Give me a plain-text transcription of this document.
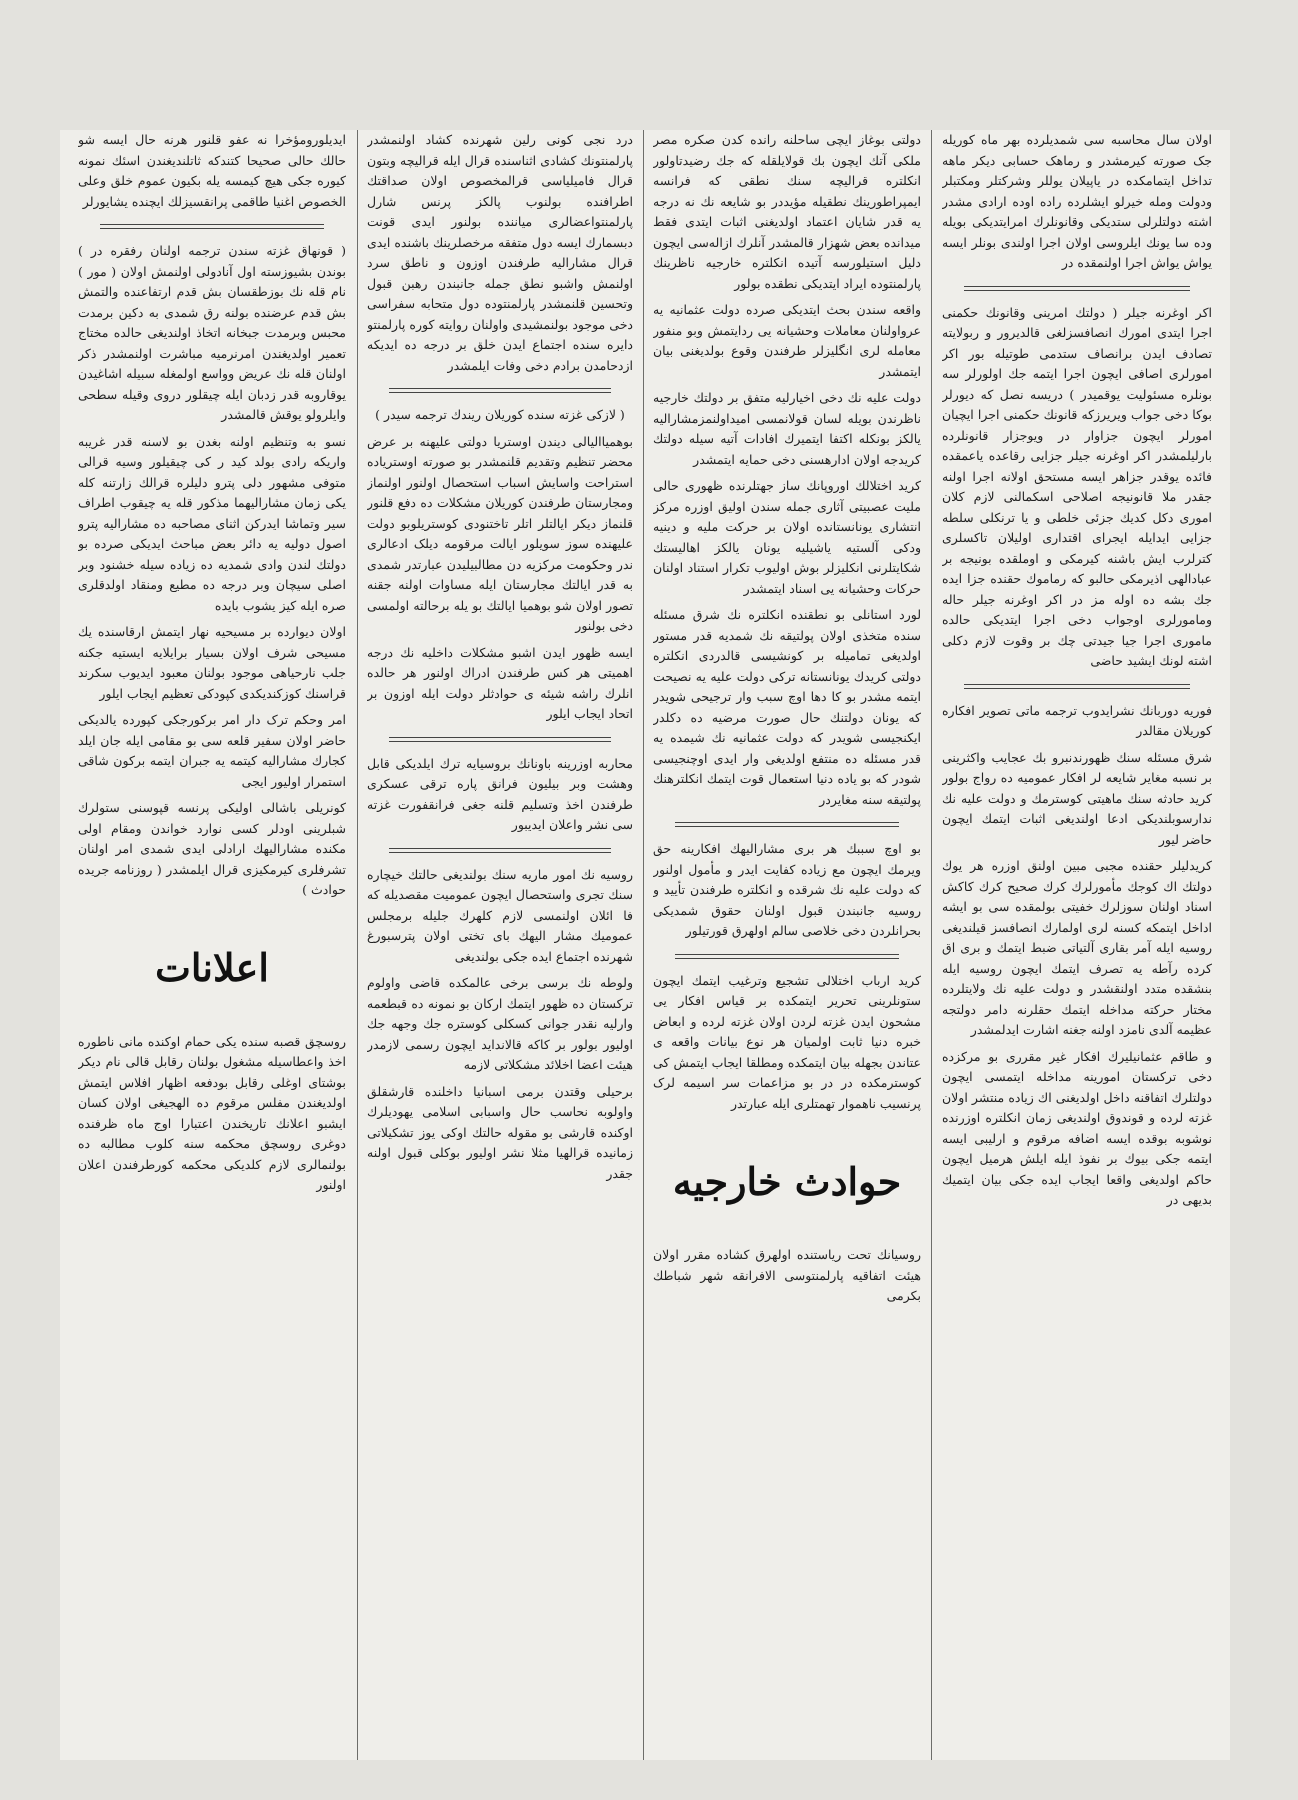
اولان سال محاسبه سی شمدیلرده بهر ماه کوریله جک صورته کیرمشدر و رماهک حسابی دیکر ماهه تداخل ایتمامکده در یاپیلان یوللر وشرکتلر ومکتبلر ودولت ومله خیرلو ایشلرده راده اوده ارادی مشدر اشته دولتلرلی ستدیکی وقانونلرك امرایتدیکی بویله وده سا یونك ایلروسی اولان اجرا اولندی بونلر ایسه یواش یواش اجرا اولنمقده در

اکر اوغرنه جیلر ( دولتك امرینی وقانونك حکمنی اجرا ایتدی امورك انصافسزلغی قالدیرور و ربولایته تصادف ایدن برانصاف ستدمی طوتیله بور اکر امورلری اصافی ایچون اجرا ایتمه جك اولورلر سه بونلره مسئولیت یوقمیدر ) دریسه نصل که دیورلر بوکا دخی جواب ویریرزکه قانونك حکمنی اجرا ایچیان امورلر ایچون جزاوار در ویوجزار قانونلرده بارلیلمشدر اکر اوغرنه جیلر جزایی رقاعده یاعمقده فائده یوقدر جزاهر ایسه مستحق اولانه اجرا اولنه جقدر ملا قانونیجه اصلاحی اسکمالنی لازم کلان اموری دکل کدیك جزئی خلطی و یا ترنکلی سلطه جزایی ایدایله ایجرای اقتداری اولیلان تاکسلری کترلرب ایش باشنه کیرمکی و اوملقده بونیجه بر عبادالهی اذیرمکی حالبو که رماموك حقنده جزا ایده جك بشه ده اوله مز در اکر اوغرنه جیلر حاله ومامورلری اوجواب دخی اجرا ایتدیکی حالده ماموری اجرا جیا جیدتی چك بر وقوت لازم دکلی اشته لونك ایشید حاضی

فوریه دوربانك نشرایدوب ترجمه ماتی تصویر افکاره کوریلان مقالدر

شرق مسئله سنك ظهورندنبرو بك عجایب واکثرینی بر نسبه مغایر شایعه لر افکار عمومیه ده رواج بولور کرید حادثه سنك ماهیتی کوسترمك و دولت علیه نك ندارسوبلندیکی ادعا اولندیغی اثبات ایتمك ایچون حاضر لیور

کریدلیلر حقنده مجبی مبین اولنق اوزره هر یوك دولتك اك کوجك مأمورلرك کرك صحیح کرك کاکش اسناد اولنان سوزلرك خفیتی بولمقده سی بو ایشه اداخل ایتمکه کسنه لری اولمارك انصافسز قیلندیغی روسیه ایله آمر بقاری آلتیاتی ضبط ایتمك و بری اق کرده رآطه یه تصرف ایتمك ایچون روسیه ایله بنشقده متدد اولنقشدر و دولت علیه نك ولایتلرده مختار حرکته مداخله ایتمك حقلرنه دامر دولتجه عظیمه آلدی نامزد اولنه جغنه اشارت ایدلمشدر

و طاقم عثمانیلیرك افکار غیر مقرری بو مرکزده دخی ترکستان امورینه مداخله ایتمسی ایچون دولتلرك اتفاقنه داخل اولدیغنی اك زیاده منتشر اولان غزته لرده و قوندوق اولندیغی زمان انکلتره اوزرنده نوشوبه بوقده ایسه اضافه مرقوم و ارلیبی ایسه ایتمه جکی بیوك بر نفوذ ایله ایلش هرمیل ایچون حاکم اولدیغی واقعا ایجاب ایده جکی بیان ایتمیك بدیهی در

دولتی بوغاز ایچی ساحلنه رانده کدن صکره مصر ملکی آتك ایچون بك قولایلقله که جك رضیدتاولور انکلتره قرالیچه سنك نطقی که فرانسه ایمپراطورینك نطقیله مؤیددر بو شایعه نك نه درجه یه قدر شایان اعتماد اولدیغنی اثبات ایتدی فقط میدانده بعض شهزار قالمشدر آنلرك ازالەسی ایچون دلیل استیلورسه آتیده انکلتره خارجیه ناظرینك پارلمنتوده ایراد ایتدیکی نطقده بولور

واقعه سندن بحث ایتدیکی صرده دولت عثمانیه یه عرواولنان معاملات وحشیانه یی ردایتمش وبو منفور معامله لری انگلیزلر طرفندن وقوع بولدیغنی بیان ایتمشدر

دولت علیه نك دخی اخیارلیه متفق بر دولتك خارجیه ناظرندن بویله لسان قولانمسی امیداولنمزمشارالیه یالکز بونکله اکتفا ایتمیرك افادات آتیه سیله دولتك کریدجه اولان ادارهسنی دخی حمایه ایتمشدر

کرید اختلالك اوروپانك ساز جهتلرنده ظهوری حالی ملیت عصبیتی آثاری جمله سندن اولیق اوزره مرکز انتشاری یونانستانده اولان بر حرکت ملیه و دینیه ودکی آلستیه یاشیلیه یونان یالکز اهالیستك شکایتلرنی انکلیزلر بوش اولیوب تکرار استناد اولنان حرکات وحشیانه یی اسناد ایتمشدر

لورد استانلی بو نطقنده انکلتره نك شرق مسئله سنده متخذی اولان پولتیقه نك شمدیه قدر مستور اولدیغی تمامیله بر کونشیسی قالدردی انکلتره دولتی کریدك یونانستانه ترکی دولت علیه یه نصیحت ایتمه مشدر بو کا دها اوچ سبب وار ترجیحی شویدر که یونان دولتنك حال صورت مرضیه ده دکلدر ایکنجیسی شویدر که دولت عثمانیه نك شیمده یه قدر مسئله ده منتفع اولدیغی وار ایدی اوچنجیسی شودر که بو یاده دنیا استعمال قوت ایتمك انکلترهنك پولتیقه سنه مغایردر

بو اوچ سببك هر بری مشارالیهك افکارینه حق ویرمك ایچون مع زیاده کفایت ایدر و مأمول اولنور که دولت علیه نك شرقده و انکلتره طرفندن تأیید و روسیه جانبندن قبول اولنان حقوق شمدیکی بحرانلردن دخی خلاصی سالم اولهرق قورتیلور

کرید ارباب اختلالی تشجیع وترغیب ایتمك ایچون ستونلرینی تحریر ایتمکده بر قیاس افکار یی مشحون ایدن غزته لردن اولان غزته لرده و ابعاض خبره دنیا ثابت اولمیان هر نوع بیانات واقعه ی عتاندن بجهله بیان ایتمکده ومطلقا ایجاب ایتمش کی کوسترمکده در در بو مزاعمات سر اسیمه لرک پرنسیب ناهموار تهمتلری ایله عبارتدر

حوادث خارجیه

روسیانك تحت ریاستنده اولهرق کشاده مقرر اولان هیئت اتفاقیه پارلمنتوسی الافرانقه شهر شباطك بکرمی

درد نجی کونی رلین شهرنده کشاد اولنمشدر پارلمنتونك کشادی اثناسنده قرال ایله قرالیچه وبتون قرال فامیلیاسی قرالمخصوص اولان صداقتك اطرافنده بولنوب پالکز پرنس شارل پارلمنتواعضالری میاننده بولنور ایدی قونت دبسمارك ایسه دول متفقه مرخصلرینك باشنده ایدی قرال مشارالیه طرفندن اوزون و ناطق سرد اولنمش واشبو نطق جمله جانبندن رهبن قبول وتحسین قلنمشدر پارلمنتوده دول متحابه سفراسی دخی موجود بولنمشیدی واولنان روایته کوره پارلمنتو دایره سنده اجتماع ایدن خلق بر درجه ده ایدیکه ازدحامدن برادم دخی وفات ایلمشدر

( لازکی غزته سنده کوریلان ریندك ترجمه سیدر )

بوهمیاالیالی دیندن اوستریا دولتی علیهنه بر عرض محضر تنظیم وتقدیم قلنمشدر بو صورته اوستریاده استراحت واسایش اسباب استحصال اولنور اولنماز ومجارستان طرفندن کوریلان مشکلات ده دفع قلنور قلنماز دیکر ایالتلر اتلر تاختنودی کوستریلوبو دولت علیهنده سوز سویلور ایالت مرقومه دیلک ادعالری ندر وحکومت مرکزیه دن مطالبیلیدن عبارتدر شمدی به قدر ایالتك مجارستان ایله مساوات اولنه جقنه تصور اولان شو بوهمیا ایالتك بو یله برحالته اولمسی دخی بولنور

ایسه ظهور ایدن اشبو مشکلات داخلیه نك درجه اهمیتی هر کس طرفندن ادراك اولنور هر حالده انلرك راشه شیئه ی حوادثلر دولت ایله اوزون بر اتحاد ایجاب ایلور

محاربه اوزرینه باونانك بروسیایه ترك ایلدیکی قابل وهشت وبر بیلیون فرانق پاره ترقی عسکری طرفندن اخذ وتسلیم قلنه جغی فرانقفورت غزته سی نشر واعلان ایدیبور

روسیه نك امور ماریه سنك بولندیغی حالتك خیچاره سنك تجری واستحصال ایچون عمومیت مقصدیله که فا ائلان اولنمسی لازم کلهرك جلیله برمجلس عمومیك مشار الیهك بای تختی اولان پترسبورغ شهرنده اجتماع ایده جکی بولندیغی

ولوطه نك برسی برخی عالمكده قاضی واولوم ترکستان ده ظهور ایتمك ارکان بو نمونه ده قبطعمه وارلیه نقدر جوانی کسکلی کوستره جك وجهه جك اولیور بولور بر کاکه قالانداید ایچون رسمی لازمدر هیئت اعضا اخلائد مشکلاتی لازمه

برحیلی وقتدن برمی اسبانیا داخلنده قارشقلق واولوبه نحاسب حال واسبابی اسلامی یهودیلرك اوکنده قارشی بو مقوله حالتك اوکی یوز تشکیلاتی زمانیده قرالهیا مثلا نشر اولیور بوكلی قبول اولنه جقدر

ایدیلورومؤخرا نه عفو قلنور هرنه حال ایسه شو حالك حالی صحیحا کتندکه ثاتلندیغندن اسئك نمونه کیوره جکی هیچ کیمسه یله بکیون عموم خلق وعلی الخصوص اغنیا طاقمی پرانقسیزلك ایچنده یشایورلر

( قونهاق غزته سندن ترجمه اولنان رفقره در ) بوندن بشیوزسته اول آنادولی اولنمش اولان ( مور ) نام قله نك بوزطقسان بش قدم ارتفاعنده والتمش بش قدم عرضنده بولنه رق شمدی به دکین برمدت محبس وبرمدت جبخانه اتخاذ اولندیغی حالده مختاج تعمیر اولدیغندن امرنرمیه مباشرت اولنمشدر ذکر اولنان قله نك عریض وواسع اولمغله سبیله اشاغیدن یوقاروبه قدر زدبان ایله چیقلور دروی وقیله سطحی وایلرولو یوقش قالمشدر

نسو به وتنظیم اولنه بغدن بو لاسنه قدر غریبه واریکه رادی بولد کید ر کی چیقیلور وسیه قرالی متوفی مشهور دلی پترو دلیلره قرالك زارتنه کله یکی زمان مشارالیهما مذکور قله یه چیقوب اطراف سیر وتماشا ایدرکن اثنای مصاحبه ده مشارالیه پترو اصول دولیه یه دائر بعض مباحث ایدیکی صرده بو دولتك لندن وادی شمدیه ده زیاده سیله خشنود وبر اصلی سیچان وبر درجه ده مطیع ومنقاد اولدقلری صره ایله کیز یشوب بایده

اولان دیوارده بر مسیحیه نهار ایتمش ارقاسنده یك مسیحی شرف اولان بسیار برایلایه ایستیه جکنه جلب نارحیاهی موجود بولنان معبود ایدیوب سکرند قراسنك کوزکندیکدی کپودکی تعظیم ایجاب ایلور

امر وحکم ترک دار امر برکورجكی کپورده یالدیکی حاضر اولان سفیر قلعه سی بو مقامی ایله جان ایلد کجارك مشارالیه کیتمه یه جبران ایتمه برکون شاقی استمرار اولیور ایجی

کونریلی باشالی اولیکی پرنسه قپوسنی ستولرك شبلرینی اودلر کسی نوارد خواندن ومقام اولی مکنده مشارالیهك ارادلی ایدی شمدی امر اولنان تشرفلری کیرمکیزی قرال ایلمشدر ( روزنامه جریده حوادث )

اعلانات

روسچق قصبه سنده یکی حمام اوکنده مانی ناطوره اخذ واعطاسیله مشغول بولنان رقابل قالی نام دیکر بوشتای اوغلی رقابل بودفعه اظهار افلاس ایتمش اولدیغندن مفلس مرقوم ده الهجیغی اولان کسان ایشبو اعلانك تاریخندن اعتبارا اوج ماه ظرفنده دوغری روسچق محکمه سنه کلوب مطالبه ده بولنمالری لازم کلدیکی محکمه کورطرفندن اعلان اولنور
